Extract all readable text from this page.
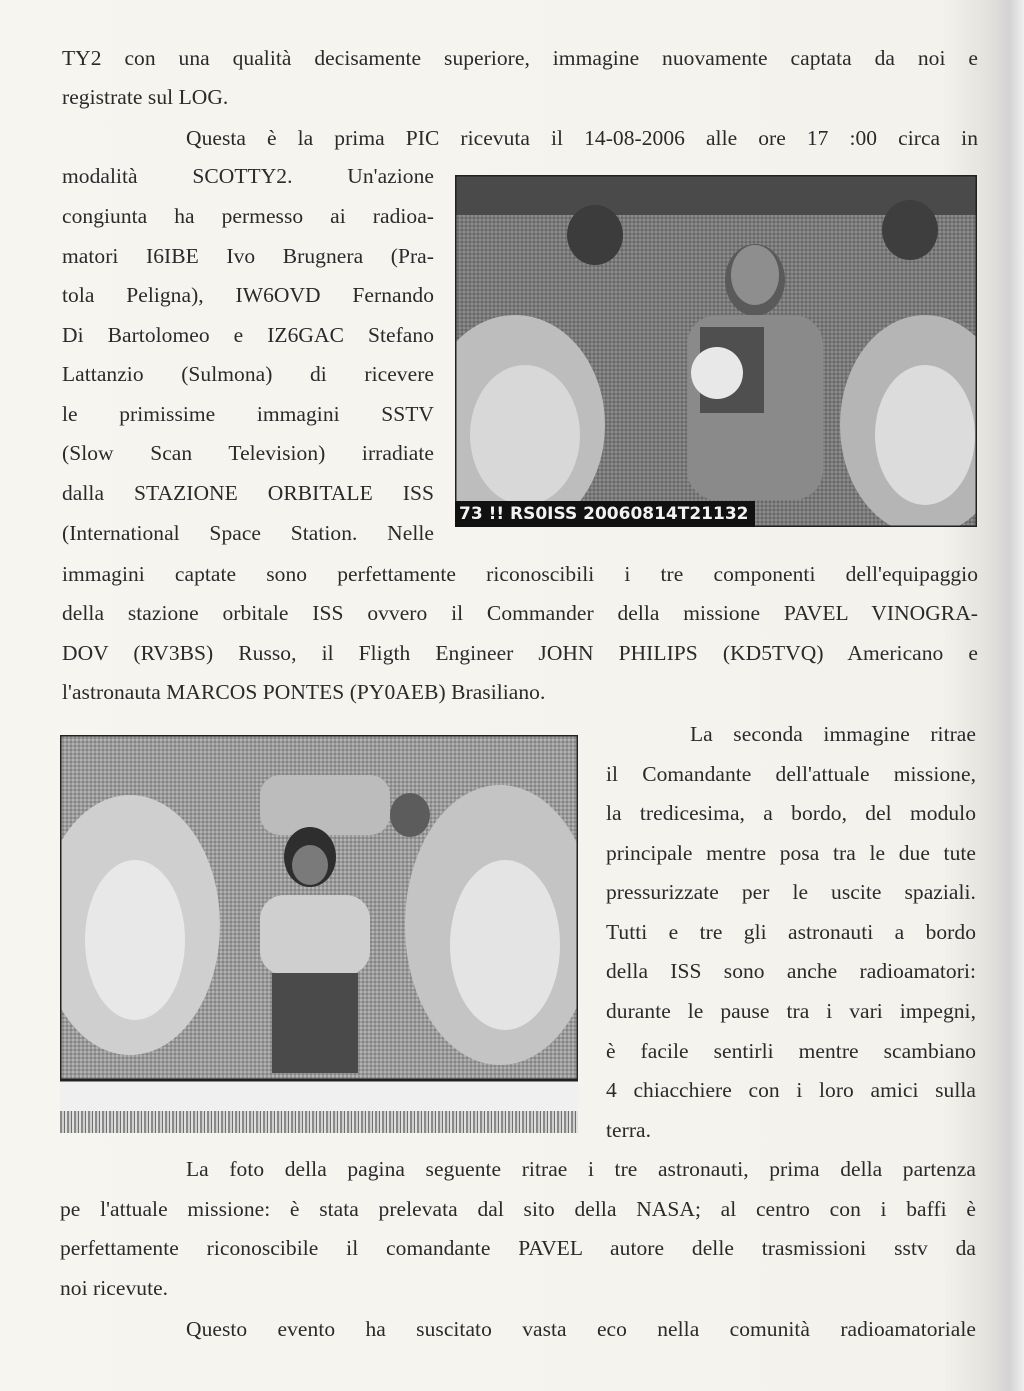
TY2 con una qualità decisamente superiore, immagine nuovamente captata da noi e
registrate sul LOG.
Questa è la prima PIC ricevuta il 14-08-2006 alle ore 17 :00 circa in
modalità SCOTTY2. Un'azione
congiunta ha permesso ai radioa-
matori I6IBE Ivo Brugnera (Pra-
tola Peligna), IW6OVD Fernando
Di Bartolomeo e IZ6GAC Stefano
Lattanzio (Sulmona) di ricevere
le primissime immagini SSTV
(Slow Scan Television) irradiate
dalla STAZIONE ORBITALE ISS
(International Space Station. Nelle
immagini captate sono perfettamente riconoscibili i tre componenti dell'equipaggio
della stazione orbitale ISS ovvero il Commander della missione PAVEL VINOGRA-
DOV (RV3BS) Russo, il Fligth Engineer JOHN PHILIPS (KD5TVQ) Americano e
l'astronauta MARCOS PONTES (PY0AEB) Brasiliano.
73 !! RS0ISS 20060814T21132
La seconda immagine ritrae
il Comandante dell'attuale missione,
la tredicesima, a bordo, del modulo
principale mentre posa tra le due tute
pressurizzate per le uscite spaziali.
Tutti e tre gli astronauti a bordo
della ISS sono anche radioamatori:
durante le pause tra i vari impegni,
è facile sentirli mentre scambiano
4 chiacchiere con i loro amici sulla
terra.
La foto della pagina seguente ritrae i tre astronauti, prima della partenza
pe l'attuale missione: è stata prelevata dal sito della NASA; al centro con i baffi è
perfettamente riconoscibile il comandante PAVEL autore delle trasmissioni sstv da
noi ricevute.
Questo evento ha suscitato vasta eco nella comunità radioamatoriale
